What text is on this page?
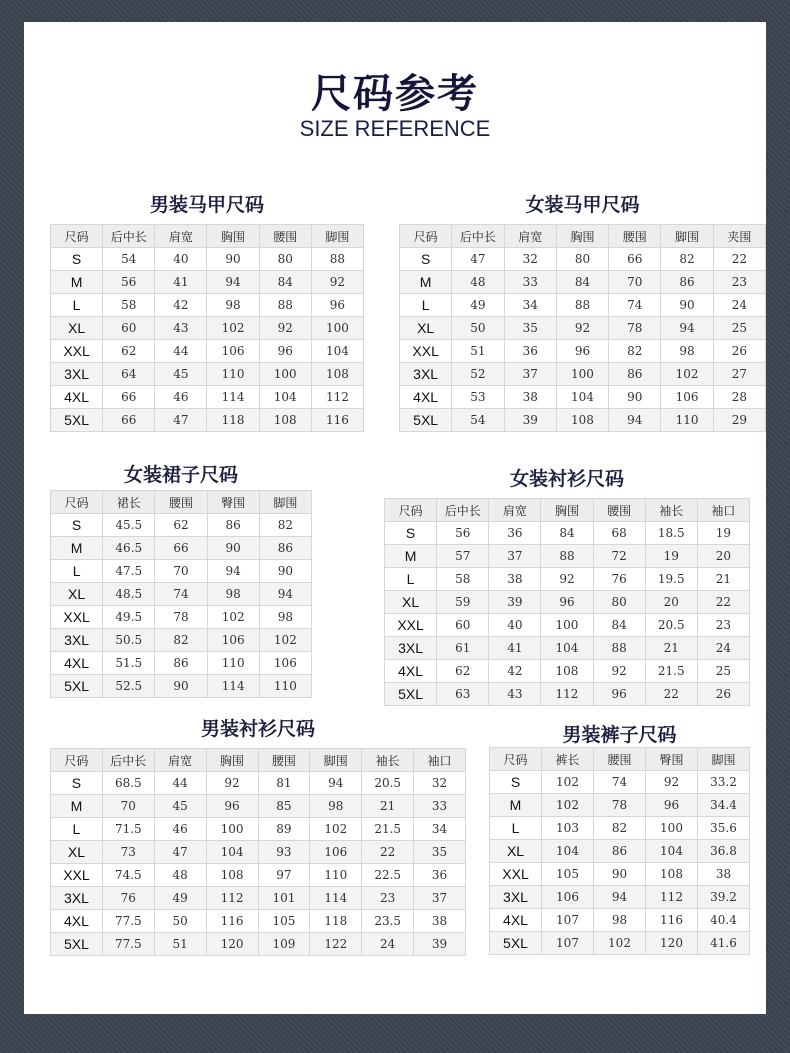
尺码参考
SIZE REFERENCE
男装马甲尺码
尺码	后中长	肩宽	胸围	腰围	脚围
S	54	40	90	80	88
M	56	41	94	84	92
L	58	42	98	88	96
XL	60	43	102	92	100
XXL	62	44	106	96	104
3XL	64	45	110	100	108
4XL	66	46	114	104	112
5XL	66	47	118	108	116
女装马甲尺码
尺码	后中长	肩宽	胸围	腰围	脚围	夹围
S	47	32	80	66	82	22
M	48	33	84	70	86	23
L	49	34	88	74	90	24
XL	50	35	92	78	94	25
XXL	51	36	96	82	98	26
3XL	52	37	100	86	102	27
4XL	53	38	104	90	106	28
5XL	54	39	108	94	110	29
女装裙子尺码
尺码	裙长	腰围	臀围	脚围
S	45.5	62	86	82
M	46.5	66	90	86
L	47.5	70	94	90
XL	48.5	74	98	94
XXL	49.5	78	102	98
3XL	50.5	82	106	102
4XL	51.5	86	110	106
5XL	52.5	90	114	110
女装衬衫尺码
尺码	后中长	肩宽	胸围	腰围	袖长	袖口
S	56	36	84	68	18.5	19
M	57	37	88	72	19	20
L	58	38	92	76	19.5	21
XL	59	39	96	80	20	22
XXL	60	40	100	84	20.5	23
3XL	61	41	104	88	21	24
4XL	62	42	108	92	21.5	25
5XL	63	43	112	96	22	26
男装衬衫尺码
尺码	后中长	肩宽	胸围	腰围	脚围	袖长	袖口
S	68.5	44	92	81	94	20.5	32
M	70	45	96	85	98	21	33
L	71.5	46	100	89	102	21.5	34
XL	73	47	104	93	106	22	35
XXL	74.5	48	108	97	110	22.5	36
3XL	76	49	112	101	114	23	37
4XL	77.5	50	116	105	118	23.5	38
5XL	77.5	51	120	109	122	24	39
男装裤子尺码
尺码	裤长	腰围	臀围	脚围
S	102	74	92	33.2
M	102	78	96	34.4
L	103	82	100	35.6
XL	104	86	104	36.8
XXL	105	90	108	38
3XL	106	94	112	39.2
4XL	107	98	116	40.4
5XL	107	102	120	41.6
